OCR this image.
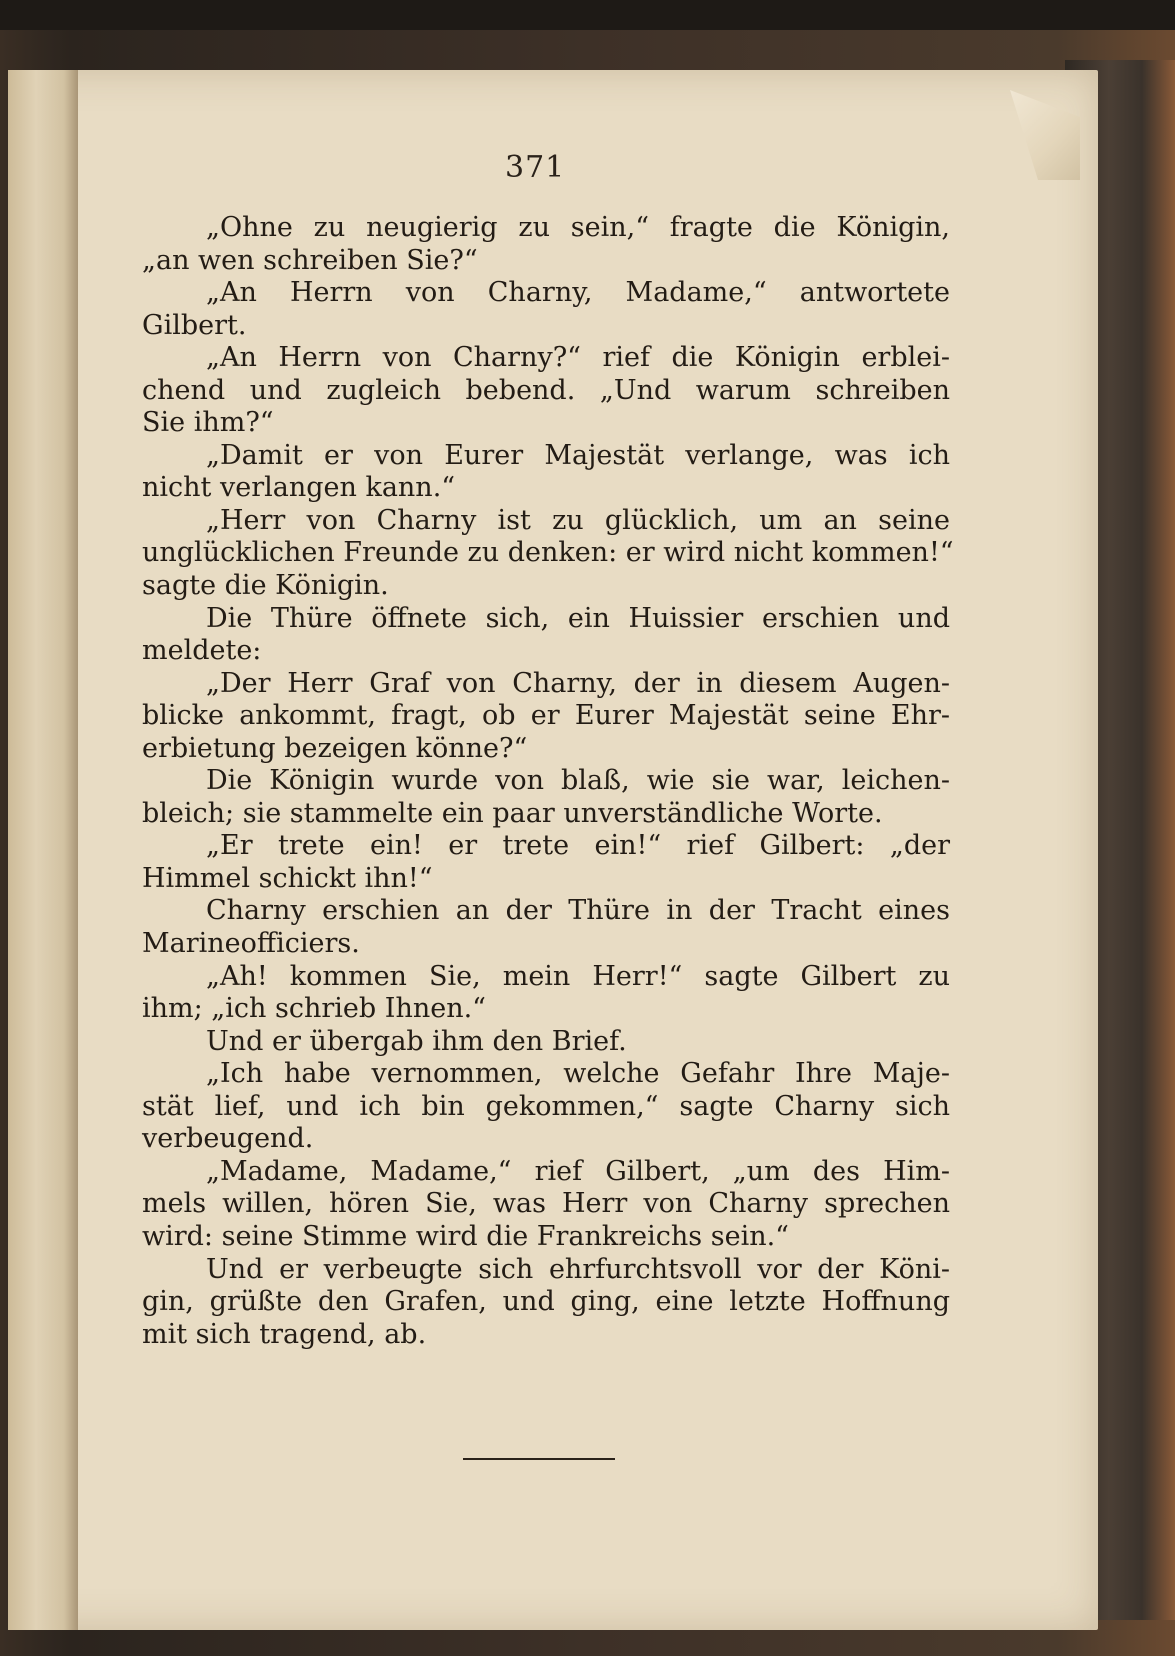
371
„Ohne zu neugierig zu sein,“ fragte die Königin,
„an wen schreiben Sie?“
„An Herrn von Charny, Madame,“ antwortete
Gilbert.
„An Herrn von Charny?“ rief die Königin erblei-
chend und zugleich bebend. „Und warum schreiben
Sie ihm?“
„Damit er von Eurer Majestät verlange, was ich
nicht verlangen kann.“
„Herr von Charny ist zu glücklich, um an seine
unglücklichen Freunde zu denken: er wird nicht kommen!“
sagte die Königin.
Die Thüre öffnete sich, ein Huissier erschien und
meldete:
„Der Herr Graf von Charny, der in diesem Augen-
blicke ankommt, fragt, ob er Eurer Majestät seine Ehr-
erbietung bezeigen könne?“
Die Königin wurde von blaß, wie sie war, leichen-
bleich; sie stammelte ein paar unverständliche Worte.
„Er trete ein! er trete ein!“ rief Gilbert: „der
Himmel schickt ihn!“
Charny erschien an der Thüre in der Tracht eines
Marineofficiers.
„Ah! kommen Sie, mein Herr!“ sagte Gilbert zu
ihm; „ich schrieb Ihnen.“
Und er übergab ihm den Brief.
„Ich habe vernommen, welche Gefahr Ihre Maje-
stät lief, und ich bin gekommen,“ sagte Charny sich
verbeugend.
„Madame, Madame,“ rief Gilbert, „um des Him-
mels willen, hören Sie, was Herr von Charny sprechen
wird: seine Stimme wird die Frankreichs sein.“
Und er verbeugte sich ehrfurchtsvoll vor der Köni-
gin, grüßte den Grafen, und ging, eine letzte Hoffnung
mit sich tragend, ab.
